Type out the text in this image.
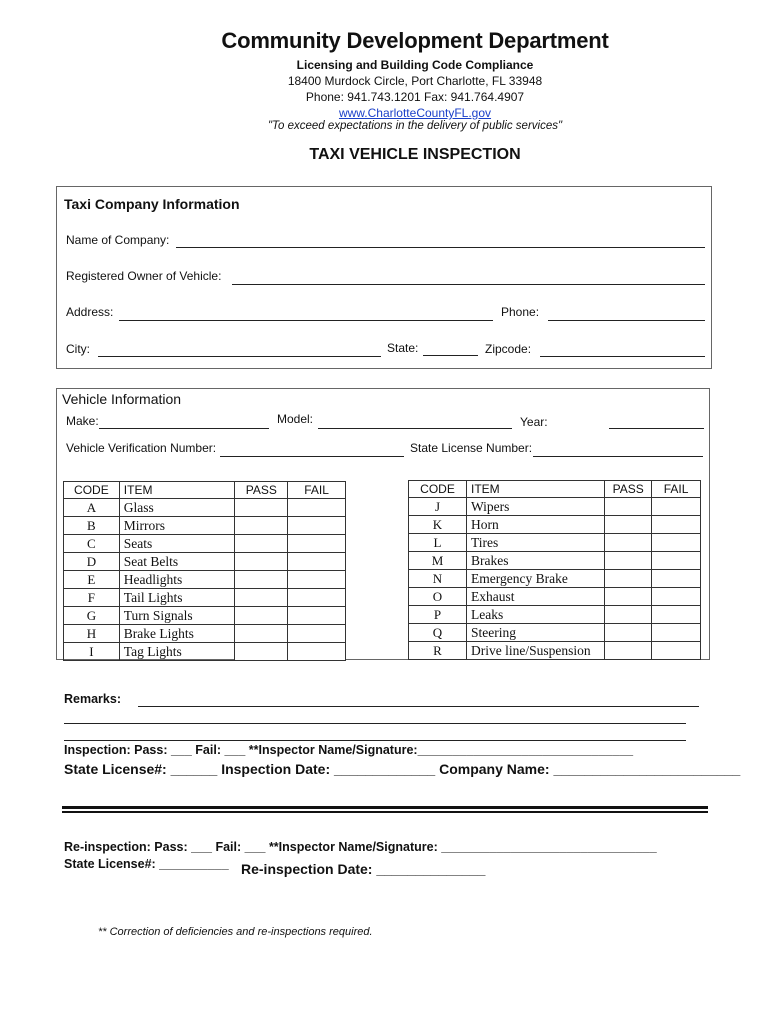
Community Development Department
Licensing and Building Code Compliance
18400 Murdock Circle, Port Charlotte, FL 33948
Phone: 941.743.1201 Fax: 941.764.4907
www.CharlotteCountyFL.gov
"To exceed expectations in the delivery of public services"
TAXI VEHICLE INSPECTION
Taxi Company Information
Name of Company:
Registered Owner of Vehicle:
Address:	Phone:
City:	State:	Zipcode:
Vehicle Information
Make:	Model:	Year:
Vehicle Verification Number:	State License Number:
CODE	ITEM	PASS	FAIL
A	Glass		
B	Mirrors		
C	Seats		
D	Seat Belts		
E	Headlights		
F	Tail Lights		
G	Turn Signals		
H	Brake Lights		
I	Tag Lights		
CODE	ITEM	PASS	FAIL
J	Wipers		
K	Horn		
L	Tires		
M	Brakes		
N	Emergency Brake		
O	Exhaust		
P	Leaks		
Q	Steering		
R	Drive line/Suspension		
Remarks:
Inspection: Pass: ___ Fail: ___ **Inspector Name/Signature:_______________________________
State License#: ______ Inspection Date: _____________ Company Name: ________________________
Re-inspection: Pass: ___ Fail: ___ **Inspector Name/Signature: _______________________________
State License#: __________ Re-inspection Date: ______________
** Correction of deficiencies and re-inspections required.
